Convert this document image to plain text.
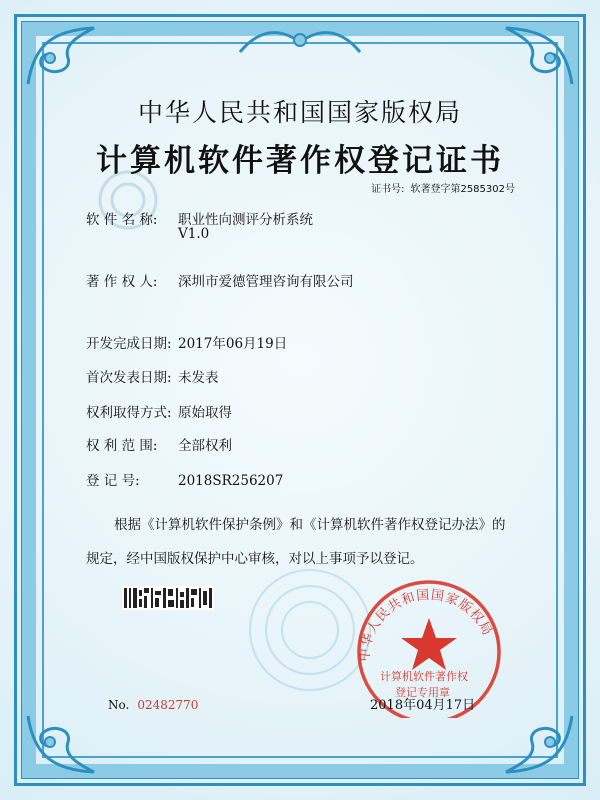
中华人民共和国国家版权局
计算机软件著作权登记证书
证书号: 软著登字第2585302号
软 件 名 称: 职业性向测评分析系统
V1.0
著 作 权 人: 深圳市爱德管理咨询有限公司
开发完成日期: 2017年06月19日
首次发表日期: 未发表
权利取得方式: 原始取得
权 利 范 围: 全部权利
登 记 号:	2018SR256207
根据《计算机软件保护条例》和《计算机软件著作权登记办法》的
规定，经中国版权保护中心审核，对以上事项予以登记。
中华人民共和国国家版权局
计算机软件著作权
登记专用章
No. 02482770	2018年04月17日
